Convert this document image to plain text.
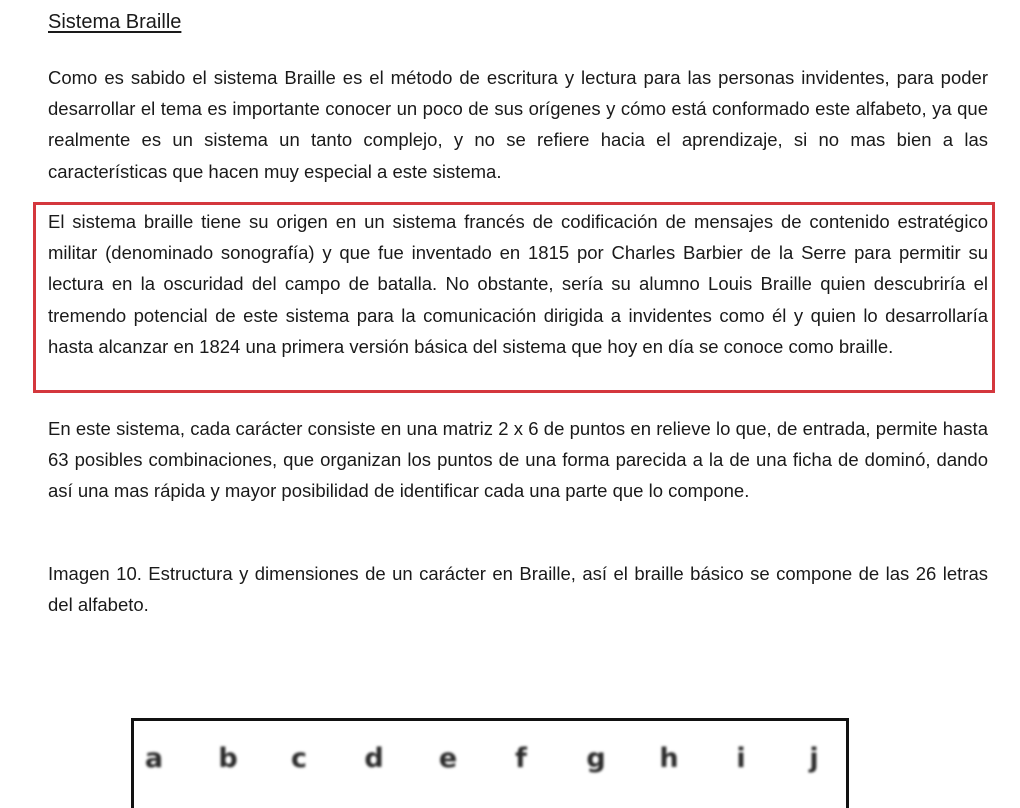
Sistema Braille

Como es sabido el sistema Braille es el método de escritura y lectura para las personas invidentes, para poder desarrollar el tema es importante conocer un poco de sus orígenes y cómo está conformado este alfabeto, ya que realmente es un sistema un tanto complejo, y no se refiere hacia el aprendizaje, si no mas bien a las características que hacen muy especial a este sistema.

El sistema braille tiene su origen en un sistema francés de codificación de mensajes de contenido estratégico militar (denominado sonografía) y que fue inventado en 1815 por Charles Barbier de la Serre para permitir su lectura en la oscuridad del campo de batalla. No obstante, sería su alumno Louis Braille quien descubriría el tremendo potencial de este sistema para la comunicación dirigida a invidentes como él y quien lo desarrollaría hasta alcanzar en 1824 una primera versión básica del sistema que hoy en día se conoce como braille.

En este sistema, cada carácter consiste en una matriz 2 x 6 de puntos en relieve lo que, de entrada, permite hasta 63 posibles combinaciones, que organizan los puntos de una forma parecida a la de una ficha de dominó, dando así una mas rápida y mayor posibilidad de identificar cada una parte que lo compone.

Imagen 10. Estructura y dimensiones de un carácter en Braille, así el braille básico se compone de las 26 letras del alfabeto.

a b c d e f g h i j
